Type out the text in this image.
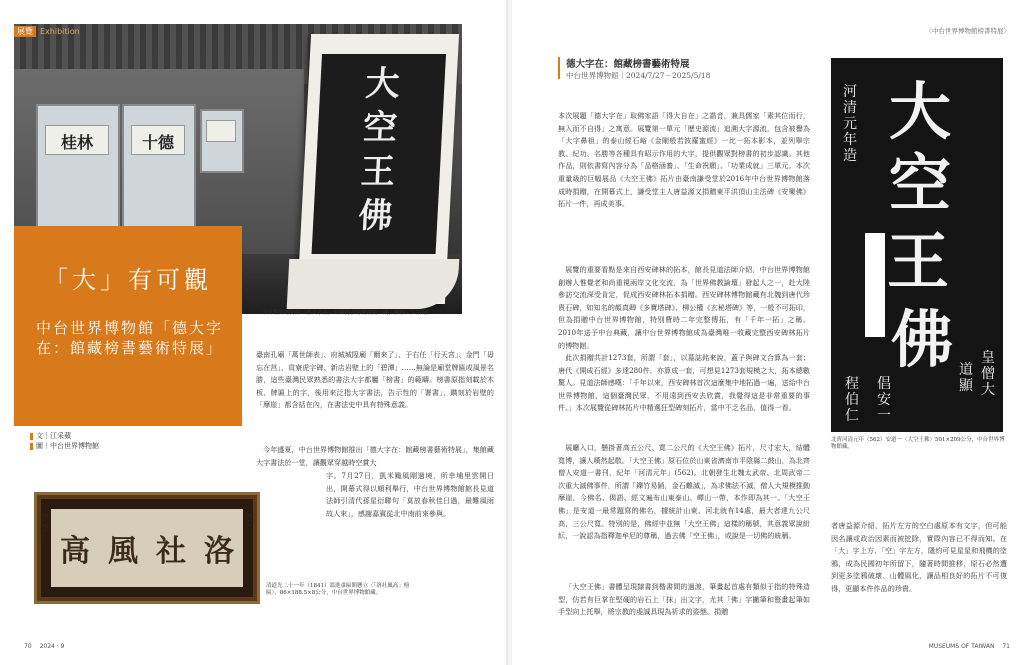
桂林	十德
大
空
王
佛
展覽 Exhibition
中台世界博物館「德大字在」館藏榜書特展展場一隅，攝影／江宗翰。
「大」有可觀
中台世界博物館「德大字在：館藏榜書藝術特展」
文｜江采蘋
圖｜中台世界博物館

臺南孔廟「萬世師表」、府城城隍廟「爾來了」、于右任「行天宮」、金門「毋忘在莒」、貢寮虎字碑、新店岩壁上的「碧潭」……無論是廟堂牌匾或風景名勝，這些臺灣民眾熟悉的書法大字都屬「榜書」的範疇。榜書原指刻載於木板、牌匾上的字，後用來泛指大字書法，告示性的「署書」、鐫刻於岩壁的「摩崖」都含括在內，在書法史中具有特殊意義。

今年盛夏，中台世界博物館推出「德大字在：館藏榜書藝術特展」，集館藏大字書法於一堂，讓觀眾穿越時空賞大

字。7月27日，凱米颱風剛過境，所幸埔里雲開日出，開幕式得以順利舉行，中台世界博物館館長見道法師引清代孫星衍聯句「莫放春秋佳日過，最難風雨故人來」，感謝嘉賓從北中南前來參與。

光緒十七年歲次辛卯
嘉義縣知事
高 風 社 洛
清道光二十一年（1841）溫進彥匾額懸立〈「洛社風高」榜匾〉，86×188.5×8公分，中台世界博物館藏。
70 2024 · 9
〈中台世界博物館榜書特展〉
德大字在：館藏榜書藝術特展
中台世界博物館｜2024/7/27－2025/5/18

本次展題「德大字在」取佛家語「得大自在」之諧音，兼具儒家「素其位而行，無入而不自得」之寓意。展覽第一單元「歷史源流」追溯大字源流，包含被譽為「大字鼻祖」的泰山經石峪《金剛般若波羅蜜經》一比一拓本影本，並列舉宗教、紀功、名勝等各種具有昭示作用的大字，提供觀眾對榜書的初步認識。其他作品，則依書寫內容分為「品格涵養」、「生命祝願」、「功業成就」三單元。本次重量級的巨幅展品《大空王佛》拓片由臺南謙受堂於2016年中台世界博物館落成時捐贈，在開幕式上，謙受堂主人唐益源又捐贈東平洪頂山主法碑《安樂佛》拓片一件，再成美事。

展覽的重要看點是來自西安碑林的拓本，館長見道法師介紹，中台世界博物館創辦人惟覺老和尚重視兩岸文化交流，為「世界佛教論壇」發起人之一，赴大陸參訪交流深受肯定，促成西安碑林拓本捐贈。西安碑林博物館藏有北魏到唐代珍貴石碑，如知名的顏真卿《多寶塔碑》、柳公權《玄秘塔碑》等，一般不可拓印，但為捐贈中台世界博物館，特別費時二年完整傳拓，有「千年一拓」之稱。2010年送予中台典藏，讓中台世界博物館成為臺灣唯一收藏完整西安碑林拓片的博物館。

此次捐贈共計1273套，所謂「套」，以墓誌銘來說，蓋子與碑文合算為一套；唐代《開成石經》多達280件，亦算成一套，可想見1273套規模之大，拓本總數驚人。見道法師感嘆：「千年以來，西安碑林首次這麼集中地拓過一遍，送給中台世界博物館，這個臺灣民眾，不用遠到西安去欣賞，我覺得這是非常重要的事件。」本次展覽從碑林拓片中精選狂型碑刻拓片，當中不乏名品，值得一看。

展廳入口，懸掛著高五公尺、寬二公尺的《大空王佛》拓片，尺寸宏大，結體寬博，讓人嘆然起敬。「大空王佛」原石位於山東省濟南市平陰縣二鼓山，為北齊僧人安道一書刊，紀年「河清元年」(562)。北朝發生北魏太武帝、北周武帝二次重大滅佛事件，所謂「鑠竹易銷，金石難滅」，為求佛法不滅，僧人大規模推動摩崖，今佛名、偈語、經文遍布山東泰山、嶧山一帶，本作即為其一。「大空王佛」是安道一最常題寫的佛名，據統計山東、河北就有14處，最大者達九公尺高，三公尺寬。特別的是，佛經中並無「大空王佛」這樣的稱號，其意義眾說紛紜，一說認為指釋迦牟尼的尊稱，過去佛「空王佛」，或說是一切佛的統稱。

「大空王佛」書體呈現隸書到楷書間的過渡，筆畫起首處有類似于指的特殊造型，仿若有巨掌在堅硬的岩石上「抹」出文字，尤其「佛」字撇筆和豎畫起筆如手型向上托舉，將宗教的虔誠具現為祈求的姿態。捐贈

河清元年造
大
空
王
佛
程伯仁
倡安一
道顯
皇僧大
北齊河清元年（562）安道一〈大空王佛〉501×209公分，中台世界博物館藏。

者唐益源介紹，拓片左方的空白處原本有文字，但可能因名讓或政治因素而被挖除，實際內容已不得而知。在「大」字上方、「空」字左方，隱約可見星星和飛機的塗鴉，成為民國初年所留下，隨著時間推移，原石必然遭到更多塗鴉破壞、山體風化，讓品相良好的拓片不可復得，更顯本件作品的珍貴。

MUSEUMS OF TAIWAN 71
